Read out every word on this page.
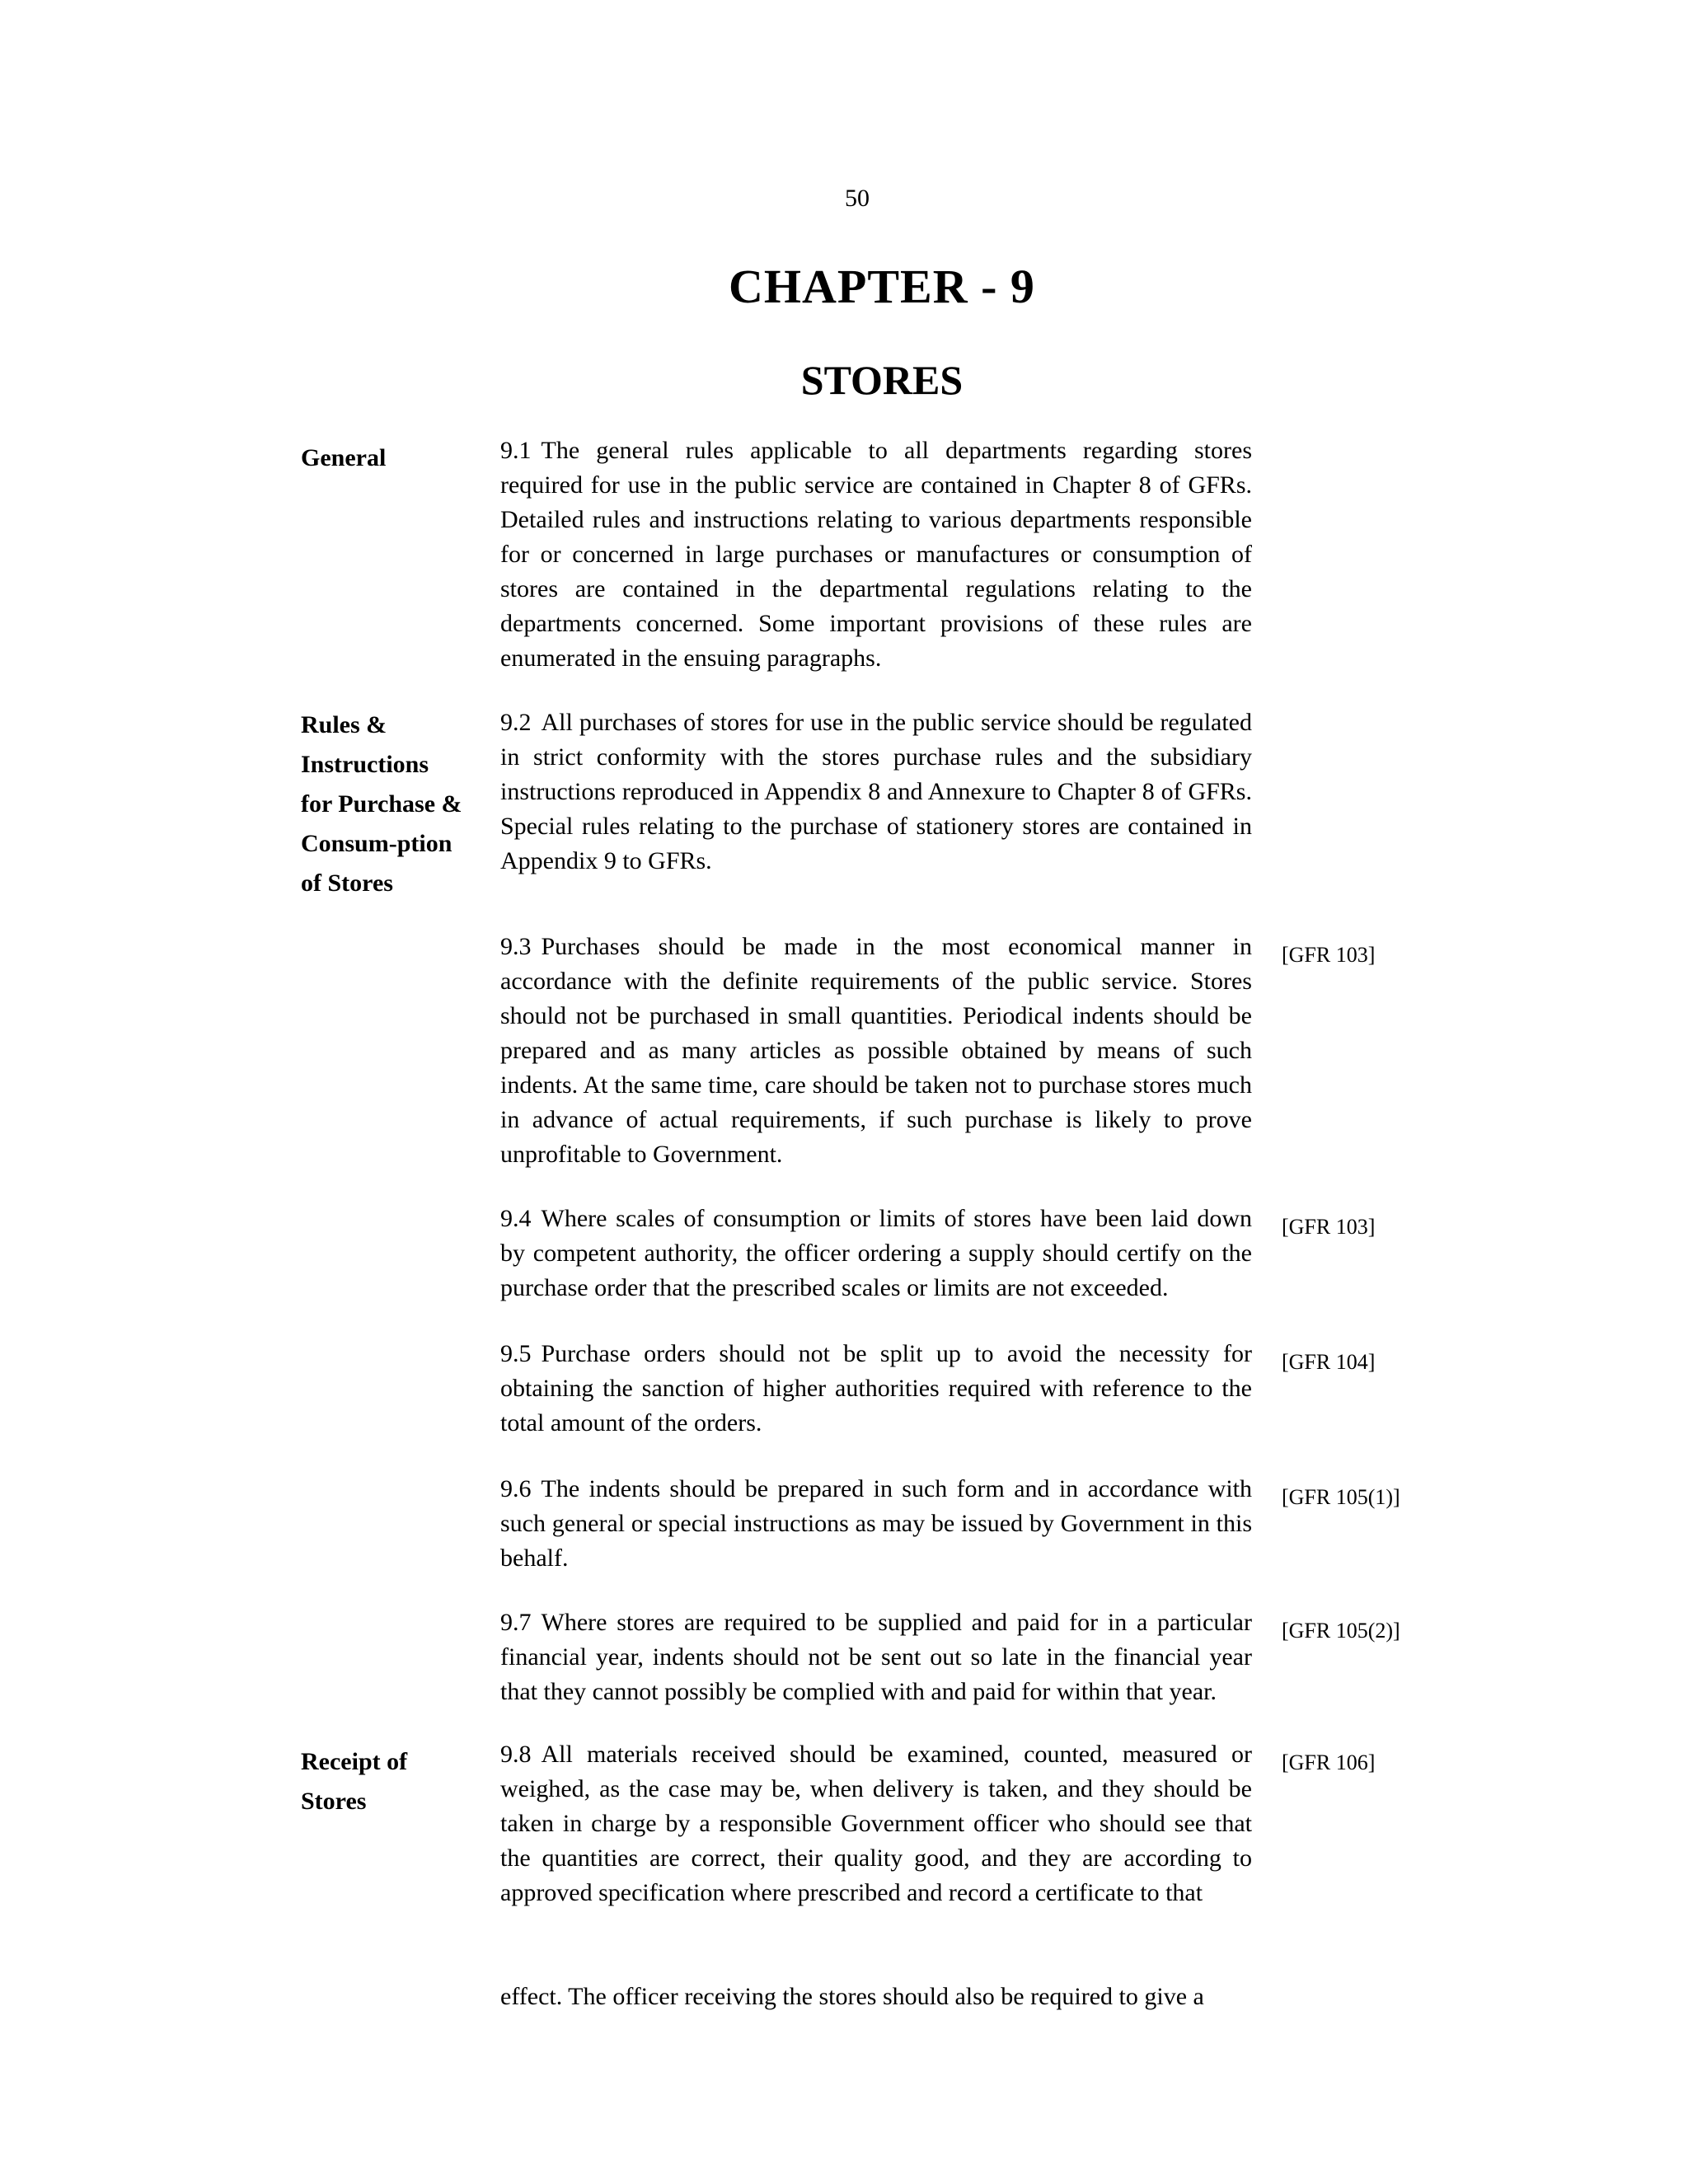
50
CHAPTER - 9
STORES
General
Rules &
Instructions
for Purchase &
Consum-ption
of Stores
Receipt of
Stores
9.1 The general rules applicable to all departments regarding stores required for use in the public service are contained in Chapter 8 of GFRs. Detailed rules and instructions relating to various departments responsible for or concerned in large purchases or manufactures or consumption of stores are contained in the departmental regulations relating to the departments concerned. Some important provisions of these rules are enumerated in the ensuing paragraphs.
9.2 All purchases of stores for use in the public service should be regulated in strict conformity with the stores purchase rules and the subsidiary instructions reproduced in Appendix 8 and Annexure to Chapter 8 of GFRs. Special rules relating to the purchase of stationery stores are contained in Appendix 9 to GFRs.
9.3 Purchases should be made in the most economical manner in accordance with the definite requirements of the public service. Stores should not be purchased in small quantities. Periodical indents should be prepared and as many articles as possible obtained by means of such indents. At the same time, care should be taken not to purchase stores much in advance of actual requirements, if such purchase is likely to prove unprofitable to Government.
[GFR 103]
9.4 Where scales of consumption or limits of stores have been laid down by competent authority, the officer ordering a supply should certify on the purchase order that the prescribed scales or limits are not exceeded.
[GFR 103]
9.5 Purchase orders should not be split up to avoid the necessity for obtaining the sanction of higher authorities required with reference to the total amount of the orders.
[GFR 104]
9.6 The indents should be prepared in such form and in accordance with such general or special instructions as may be issued by Government in this behalf.
[GFR 105(1)]
9.7 Where stores are required to be supplied and paid for in a particular financial year, indents should not be sent out so late in the financial year that they cannot possibly be complied with and paid for within that year.
[GFR 105(2)]
9.8 All materials received should be examined, counted, measured or weighed, as the case may be, when delivery is taken, and they should be taken in charge by a responsible Government officer who should see that the quantities are correct, their quality good, and they are according to approved specification where prescribed and record a certificate to that
[GFR 106]
effect. The officer receiving the stores should also be required to give a
